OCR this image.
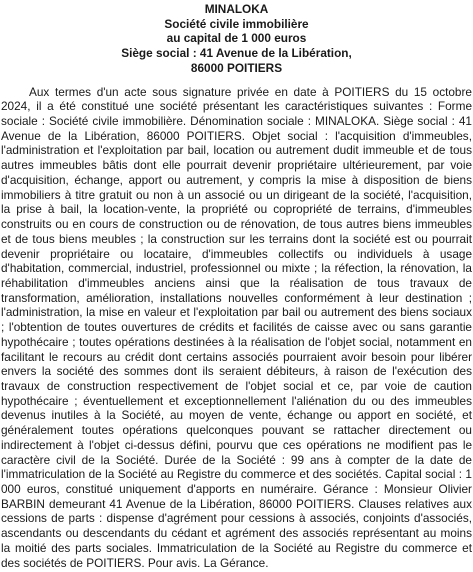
MINALOKA
Société civile immobilière
au capital de 1 000 euros
Siège social : 41 Avenue de la Libération,
86000 POITIERS

Aux termes d'un acte sous signature privée en date à POITIERS du 15 octobre 2024, il a été constitué une société présentant les caractéristiques suivantes : Forme sociale : Société civile immobilière. Dénomination sociale : MINALOKA. Siège social : 41 Avenue de la Libération, 86000 POITIERS. Objet social : l'acquisition d'immeubles, l'administration et l'exploitation par bail, location ou autrement dudit immeuble et de tous autres immeubles bâtis dont elle pourrait devenir propriétaire ultérieurement, par voie d'acquisition, échange, apport ou autrement, y compris la mise à disposition de biens immobiliers à titre gratuit ou non à un associé ou un dirigeant de la société, l'acquisition, la prise à bail, la location-vente, la propriété ou copropriété de terrains, d'immeubles construits ou en cours de construction ou de rénovation, de tous autres biens immeubles et de tous biens meubles ; la construction sur les terrains dont la société est ou pourrait devenir propriétaire ou locataire, d'immeubles collectifs ou individuels à usage d'habitation, commercial, industriel, professionnel ou mixte ; la réfection, la rénovation, la réhabilitation d'immeubles anciens ainsi que la réalisation de tous travaux de transformation, amélioration, installations nouvelles conformément à leur destination ; l'administration, la mise en valeur et l'exploitation par bail ou autrement des biens sociaux ; l'obtention de toutes ouvertures de crédits et facilités de caisse avec ou sans garantie hypothécaire ; toutes opérations destinées à la réalisation de l'objet social, notamment en facilitant le recours au crédit dont certains associés pourraient avoir besoin pour libérer envers la société des sommes dont ils seraient débiteurs, à raison de l'exécution des travaux de construction respectivement de l'objet social et ce, par voie de caution hypothécaire ; éventuellement et exceptionnellement l'aliénation du ou des immeubles devenus inutiles à la Société, au moyen de vente, échange ou apport en société, et généralement toutes opérations quelconques pouvant se rattacher directement ou indirectement à l'objet ci-dessus défini, pourvu que ces opérations ne modifient pas le caractère civil de la Société. Durée de la Société : 99 ans à compter de la date de l'immatriculation de la Société au Registre du commerce et des sociétés. Capital social : 1 000 euros, constitué uniquement d'apports en numéraire. Gérance : Monsieur Olivier BARBIN demeurant 41 Avenue de la Libération, 86000 POITIERS. Clauses relatives aux cessions de parts : dispense d'agrément pour cessions à associés, conjoints d'associés, ascendants ou descendants du cédant et agrément des associés représentant au moins la moitié des parts sociales. Immatriculation de la Société au Registre du commerce et des sociétés de POITIERS. Pour avis. La Gérance.
